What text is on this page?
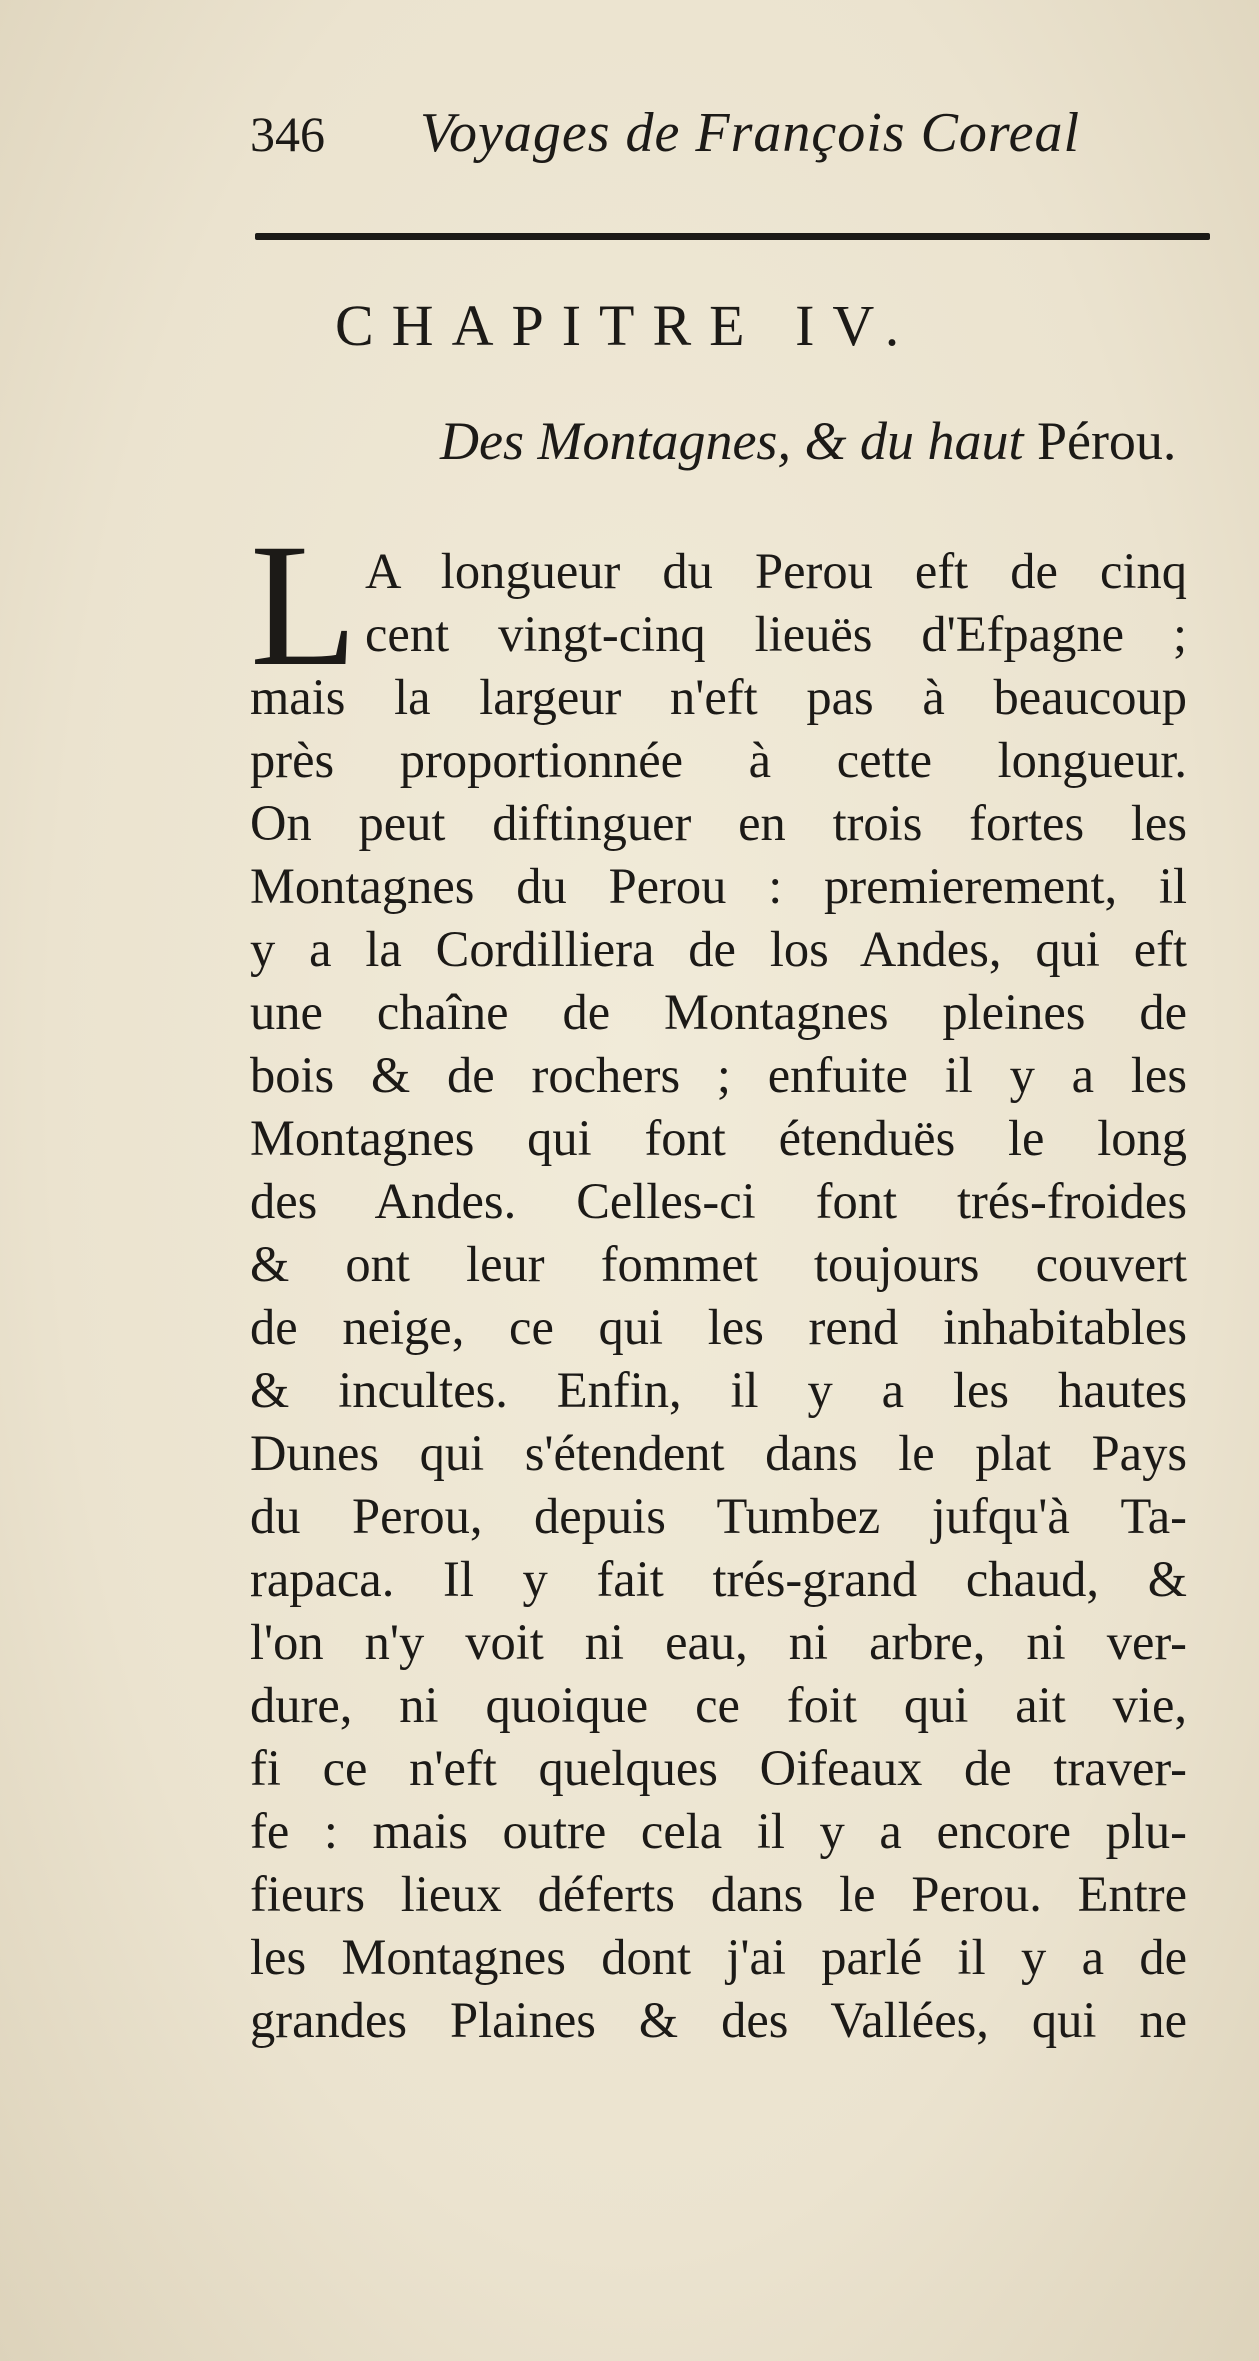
346 Voyages de François Coreal
CHAPITRE IV.
Des Montagnes, & du haut Pérou.
L A longueur du Perou eft de cinq
cent vingt-cinq lieuës d'Efpagne ;
mais la largeur n'eft pas à beaucoup
près proportionnée à cette longueur.
On peut diftinguer en trois fortes les
Montagnes du Perou : premierement, il
y a la Cordilliera de los Andes, qui eft
une chaîne de Montagnes pleines de
bois & de rochers ; enfuite il y a les
Montagnes qui font étenduës le long
des Andes. Celles-ci font trés-froides
& ont leur fommet toujours couvert
de neige, ce qui les rend inhabitables
& incultes. Enfin, il y a les hautes
Dunes qui s'étendent dans le plat Pays
du Perou, depuis Tumbez jufqu'à Ta-
rapaca. Il y fait trés-grand chaud, &
l'on n'y voit ni eau, ni arbre, ni ver-
dure, ni quoique ce foit qui ait vie,
fi ce n'eft quelques Oifeaux de traver-
fe : mais outre cela il y a encore plu-
fieurs lieux déferts dans le Perou. Entre
les Montagnes dont j'ai parlé il y a de
grandes Plaines & des Vallées, qui ne
